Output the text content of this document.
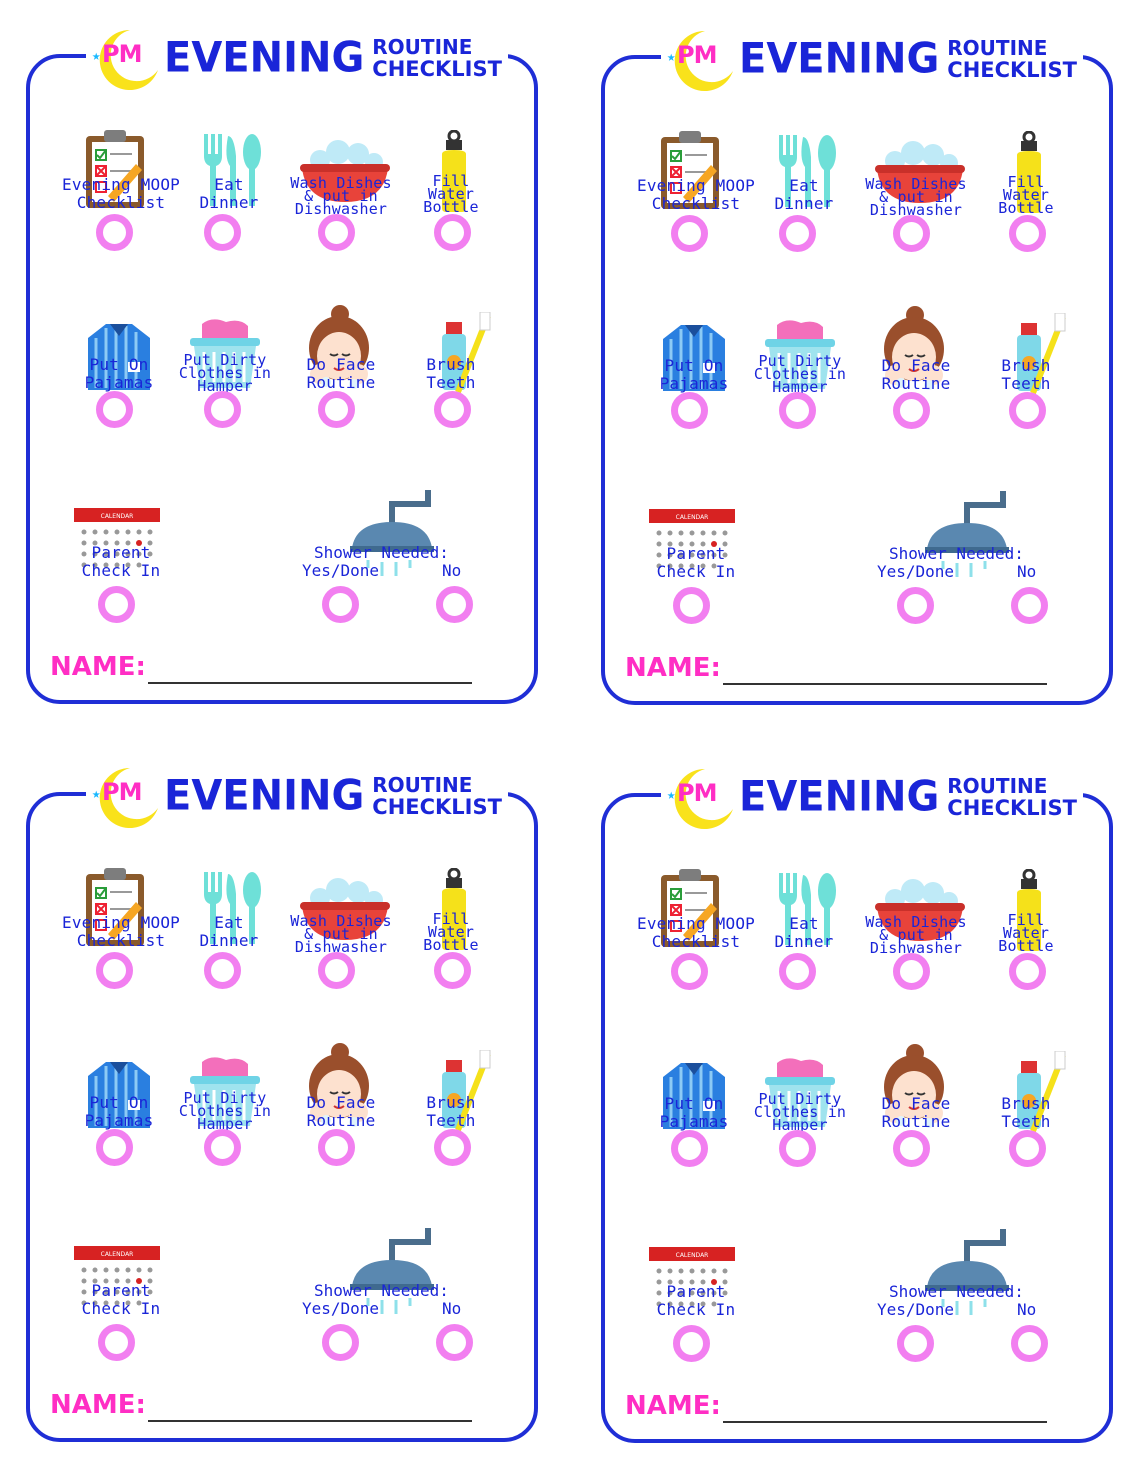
★ PM EVENING ROUTINE
CHECKLIST
Evening MOOP
Checklist
Eat
Dinner
Wash Dishes
& put in
Dishwasher
Fill
Water
Bottle
Put On
Pajamas
Put Dirty
Clothes in
Hamper
Do Face
Routine
Brush
Teeth
CALENDAR
Parent
Check In
Shower Needed:
Yes/Done	No
NAME:
★ PM EVENING ROUTINE
CHECKLIST
Evening MOOP
Checklist
Eat
Dinner
Wash Dishes
& put in
Dishwasher
Fill
Water
Bottle
Put On
Pajamas
Put Dirty
Clothes in
Hamper
Do Face
Routine
Brush
Teeth
CALENDAR
Parent
Check In
Shower Needed:
Yes/Done	No
NAME:
★ PM EVENING ROUTINE
CHECKLIST
Evening MOOP
Checklist
Eat
Dinner
Wash Dishes
& put in
Dishwasher
Fill
Water
Bottle
Put On
Pajamas
Put Dirty
Clothes in
Hamper
Do Face
Routine
Brush
Teeth
CALENDAR
Parent
Check In
Shower Needed:
Yes/Done	No
NAME:
★ PM EVENING ROUTINE
CHECKLIST
Evening MOOP
Checklist
Eat
Dinner
Wash Dishes
& put in
Dishwasher
Fill
Water
Bottle
Put On
Pajamas
Put Dirty
Clothes in
Hamper
Do Face
Routine
Brush
Teeth
CALENDAR
Parent
Check In
Shower Needed:
Yes/Done	No
NAME:
